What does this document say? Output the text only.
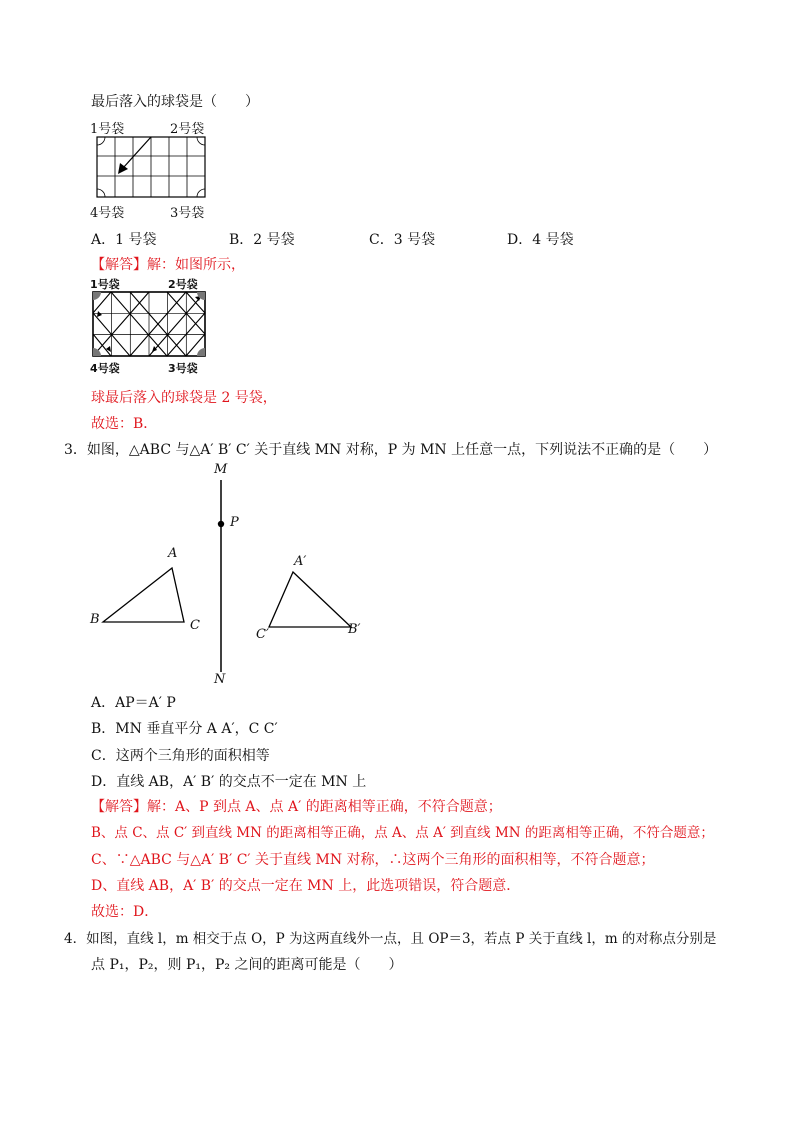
最后落入的球袋是（　　）
1号袋	2号袋
4号袋	3号袋
A．1 号袋	B．2 号袋	C．3 号袋	D．4 号袋
【解答】解：如图所示，
1号袋	2号袋
4号袋	3号袋
球最后落入的球袋是 2 号袋，
故选：B．
3．如图，△ABC 与△A′ B′ C′ 关于直线 MN 对称，P 为 MN 上任意一点，下列说法不正确的是（　　）
M
P
A
B	C
A′
C′	B′
N
A．AP＝A′ P
B．MN 垂直平分 A A′，C C′
C．这两个三角形的面积相等
D．直线 AB，A′ B′ 的交点不一定在 MN 上
【解答】解：A、P 到点 A、点 A′ 的距离相等正确，不符合题意；
B、点 C、点 C′ 到直线 MN 的距离相等正确，点 A、点 A′ 到直线 MN 的距离相等正确，不符合题意；
C、∵△ABC 与△A′ B′ C′ 关于直线 MN 对称，∴这两个三角形的面积相等，不符合题意；
D、直线 AB，A′ B′ 的交点一定在 MN 上，此选项错误，符合题意．
故选：D．
4．如图，直线 l，m 相交于点 O，P 为这两直线外一点，且 OP＝3，若点 P 关于直线 l，m 的对称点分别是
点 P₁，P₂，则 P₁，P₂ 之间的距离可能是（　　）
